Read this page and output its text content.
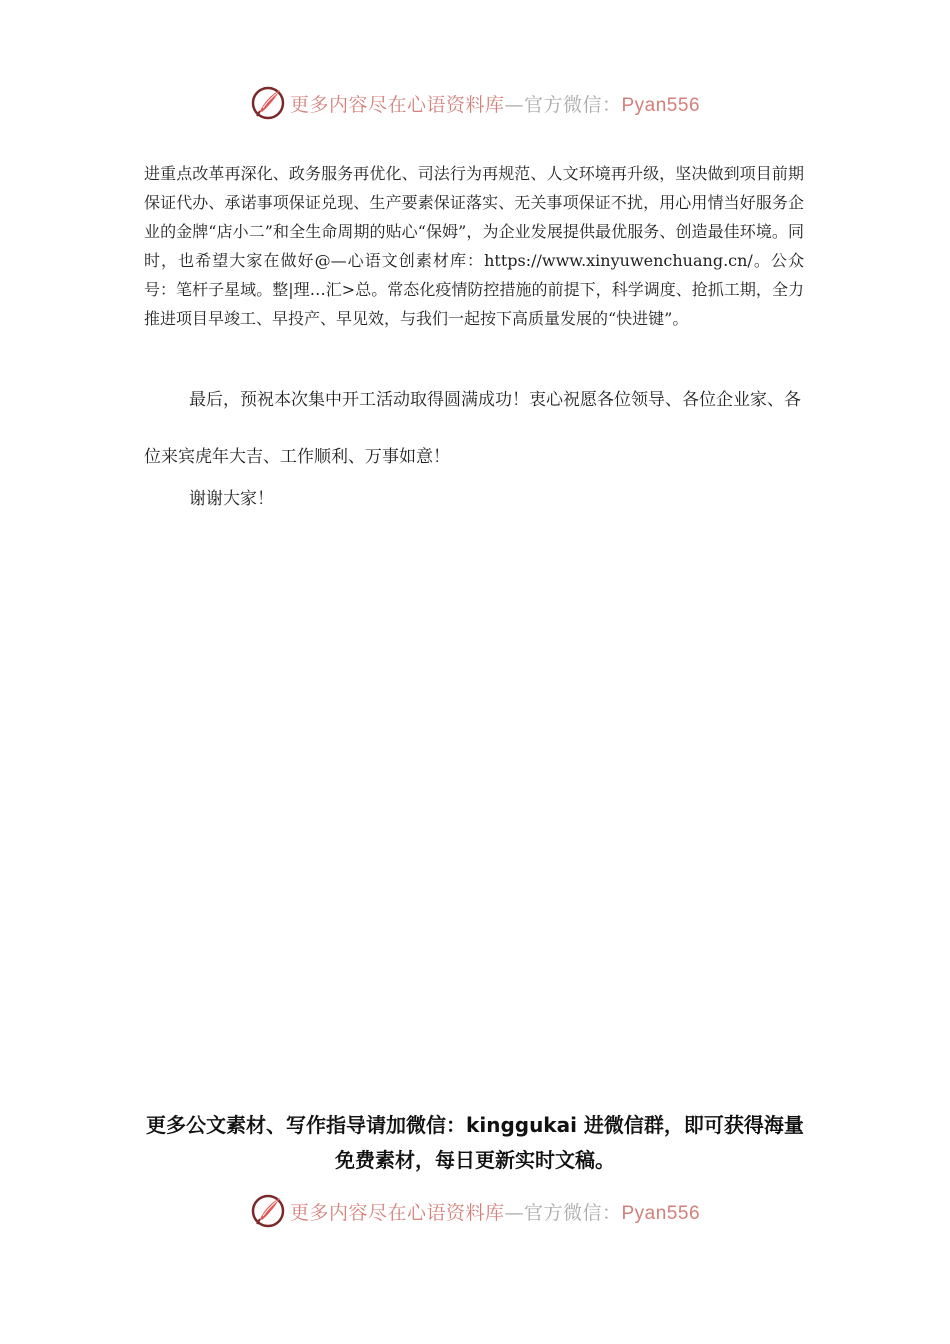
更多内容尽在心语资料库—官方微信：Pyan556

进重点改革再深化、政务服务再优化、司法行为再规范、人文环境再升级，坚决做到项目前期保证代办、承诺事项保证兑现、生产要素保证落实、无关事项保证不扰，用心用情当好服务企业的金牌“店小二”和全生命周期的贴心“保姆”，为企业发展提供最优服务、创造最佳环境。同时，也希望大家在做好@—心语文创素材库：https://www.xinyuwenchuang.cn/。公众号：笔杆子星域。整|理…汇>总。常态化疫情防控措施的前提下，科学调度、抢抓工期，全力推进项目早竣工、早投产、早见效，与我们一起按下高质量发展的“快进键”。

最后，预祝本次集中开工活动取得圆满成功！衷心祝愿各位领导、各位企业家、各位来宾虎年大吉、工作顺利、万事如意！

谢谢大家！

更多公文素材、写作指导请加微信：kinggukai 进微信群，即可获得海量免费素材，每日更新实时文稿。

更多内容尽在心语资料库—官方微信：Pyan556
